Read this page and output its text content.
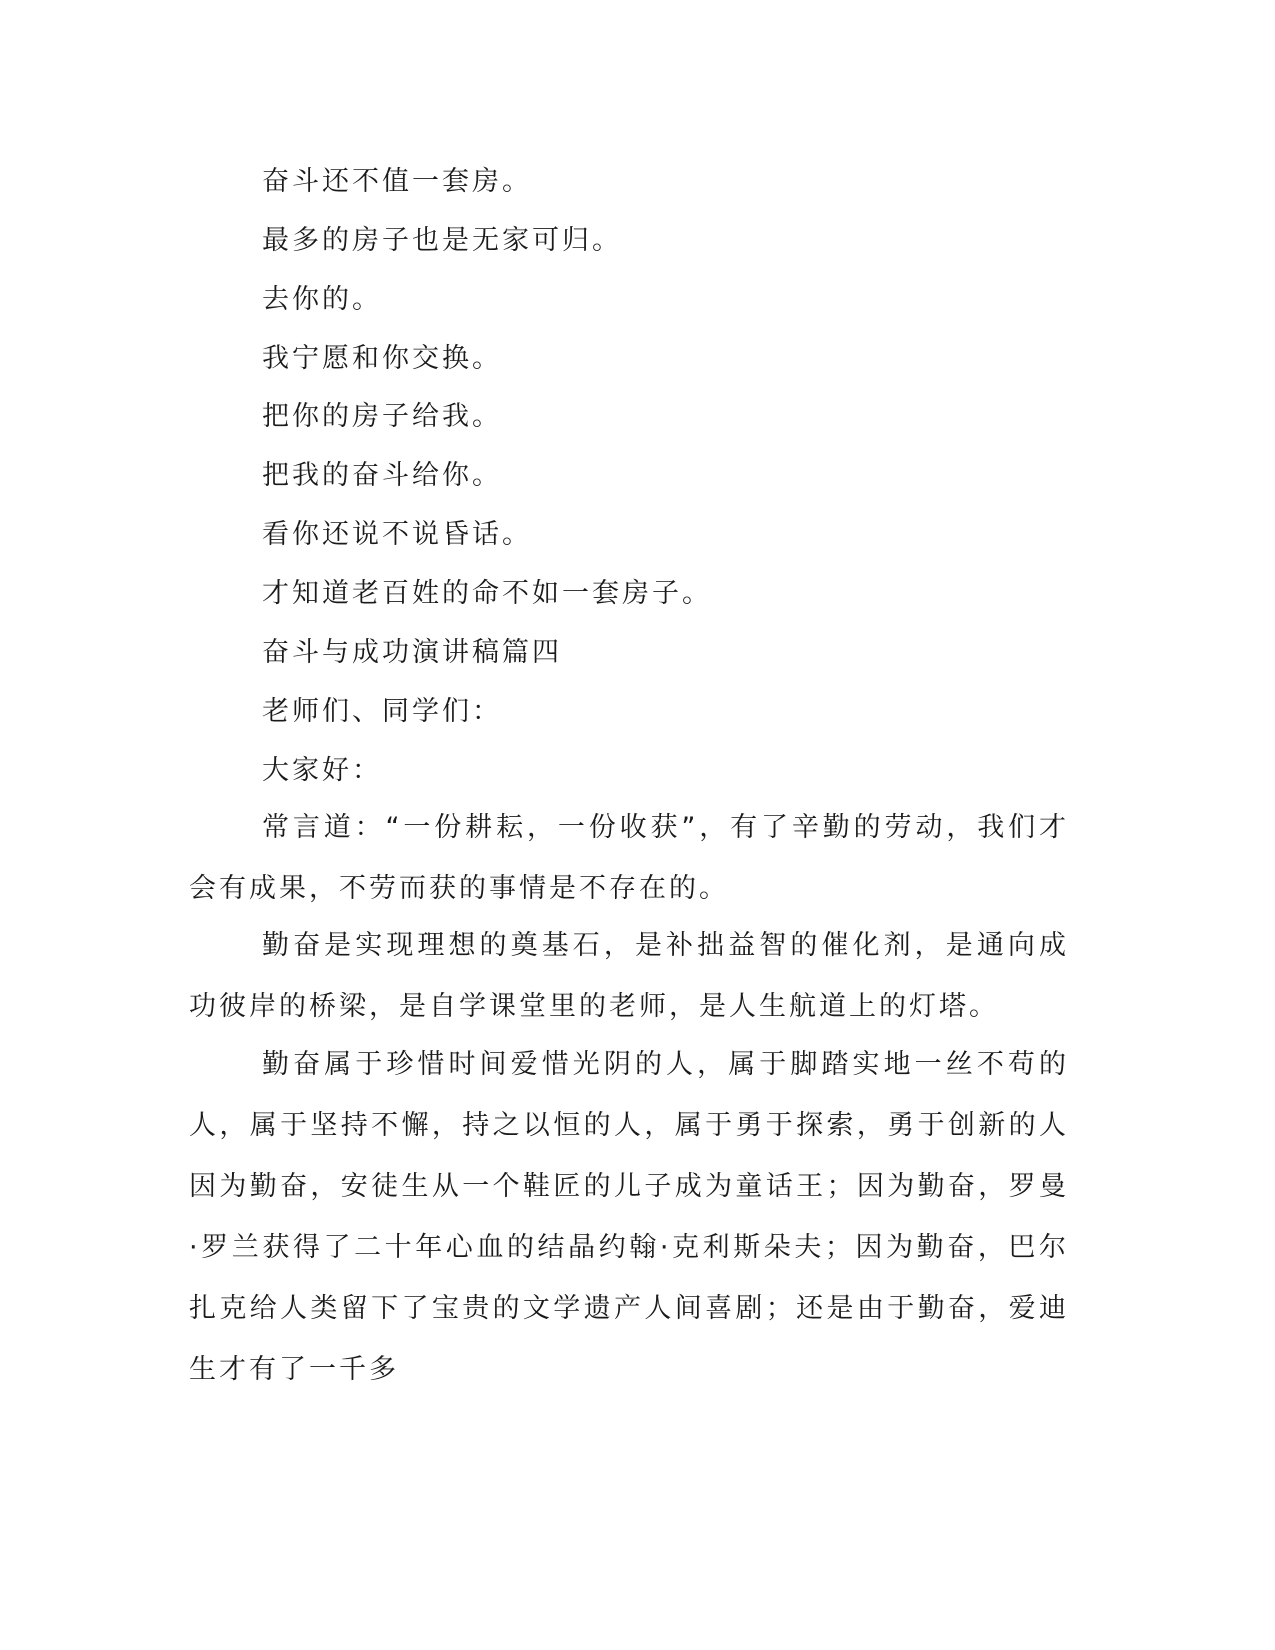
奋斗还不值一套房。
最多的房子也是无家可归。
去你的。
我宁愿和你交换。
把你的房子给我。
把我的奋斗给你。
看你还说不说昏话。
才知道老百姓的命不如一套房子。
奋斗与成功演讲稿篇四
老师们、同学们：
大家好：

常言道：“一份耕耘，一份收获”，有了辛勤的劳动，我们才会有成果，不劳而获的事情是不存在的。

勤奋是实现理想的奠基石，是补拙益智的催化剂，是通向成功彼岸的桥梁，是自学课堂里的老师，是人生航道上的灯塔。

勤奋属于珍惜时间爱惜光阴的人，属于脚踏实地一丝不苟的人，属于坚持不懈，持之以恒的人，属于勇于探索，勇于创新的人因为勤奋，安徒生从一个鞋匠的儿子成为童话王；因为勤奋，罗曼·罗兰获得了二十年心血的结晶约翰·克利斯朵夫；因为勤奋，巴尔扎克给人类留下了宝贵的文学遗产人间喜剧；还是由于勤奋，爱迪生才有了一千多
